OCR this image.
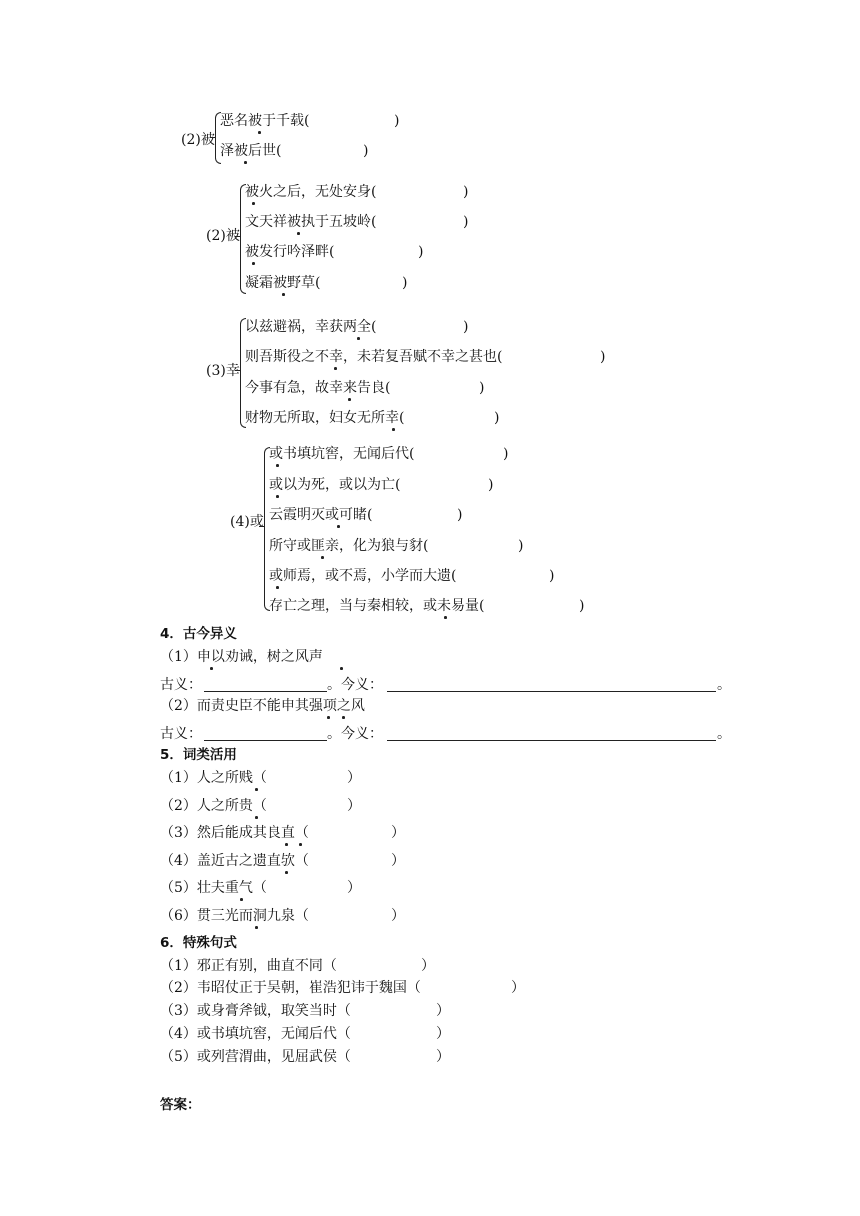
(2)被
恶名被于千载(	)
泽被后世(	)
(2)被
被火之后，无处安身(	)
文天祥被执于五坡岭(	)
被发行吟泽畔(	)
凝霜被野草(	)
(3)幸
以兹避祸，幸获两全(	)
则吾斯役之不幸，未若复吾赋不幸之甚也(	)
今事有急，故幸来告良(	)
财物无所取，妇女无所幸(	)
(4)或
或书填坑窖，无闻后代(	)
或以为死，或以为亡(	)
云霞明灭或可睹(	)
所守或匪亲，化为狼与豺(	)
或师焉，或不焉，小学而大遗(	)
存亡之理，当与秦相较，或未易量(	)
4．古今异义
（1）申以劝诫，树之风声
古义：	。今义：	。
（2）而责史臣不能申其强项之风
古义：	。今义：	。
5．词类活用
（1）人之所贱（	）
（2）人之所贵（	）
（3）然后能成其良直（	）
（4）盖近古之遗直欤（	）
（5）壮夫重气（	）
（6）贯三光而洞九泉（	）
6．特殊句式
（1）邪正有别，曲直不同（	）
（2）韦昭仗正于吴朝，崔浩犯讳于魏国（	）
（3）或身膏斧钺，取笑当时（	）
（4）或书填坑窖，无闻后代（	）
（5）或列营渭曲，见屈武侯（	）
答案：
